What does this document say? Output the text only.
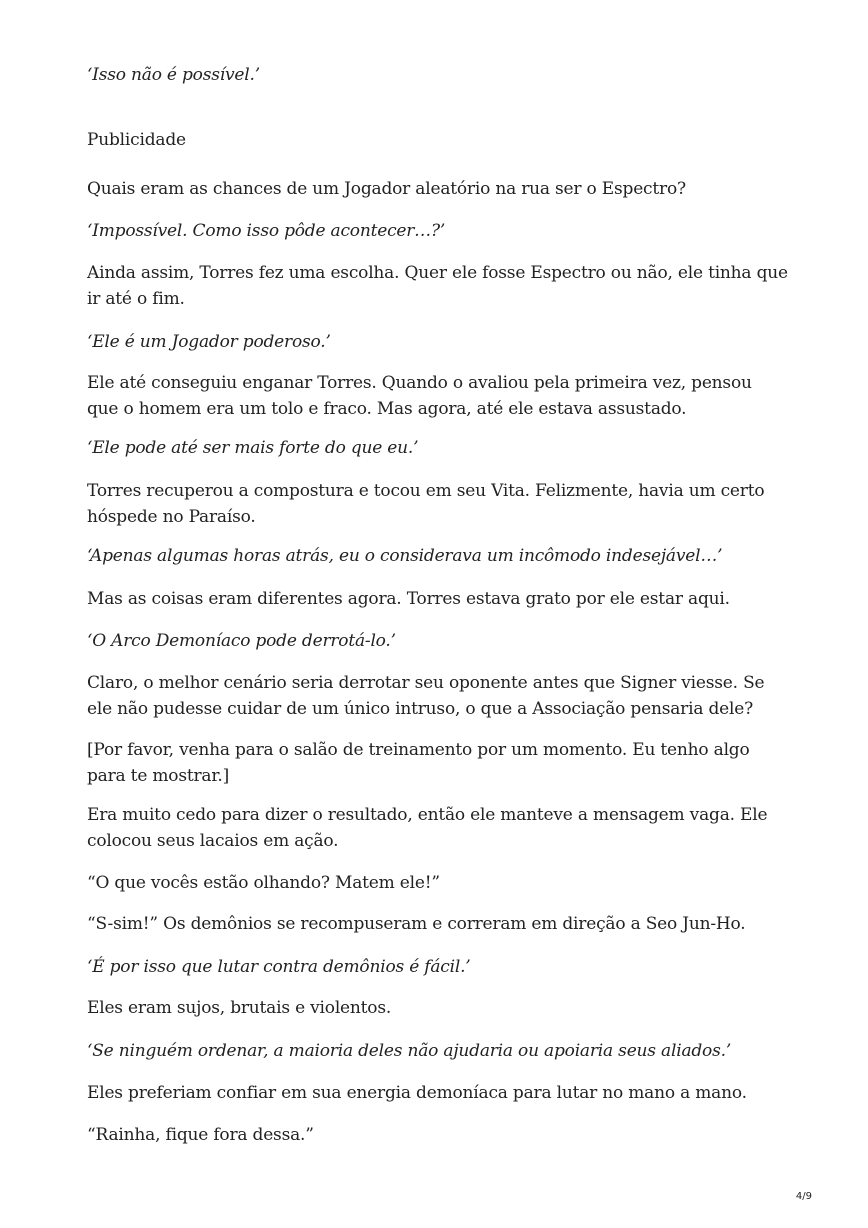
‘Isso não é possível.’

Publicidade

Quais eram as chances de um Jogador aleatório na rua ser o Espectro?

‘Impossível. Como isso pôde acontecer…?’

Ainda assim, Torres fez uma escolha. Quer ele fosse Espectro ou não, ele tinha que ir até o fim.

‘Ele é um Jogador poderoso.’

Ele até conseguiu enganar Torres. Quando o avaliou pela primeira vez, pensou que o homem era um tolo e fraco. Mas agora, até ele estava assustado.

‘Ele pode até ser mais forte do que eu.’

Torres recuperou a compostura e tocou em seu Vita. Felizmente, havia um certo hóspede no Paraíso.

‘Apenas algumas horas atrás, eu o considerava um incômodo indesejável…’

Mas as coisas eram diferentes agora. Torres estava grato por ele estar aqui.

‘O Arco Demoníaco pode derrotá-lo.’

Claro, o melhor cenário seria derrotar seu oponente antes que Signer viesse. Se ele não pudesse cuidar de um único intruso, o que a Associação pensaria dele?

[Por favor, venha para o salão de treinamento por um momento. Eu tenho algo para te mostrar.]

Era muito cedo para dizer o resultado, então ele manteve a mensagem vaga. Ele colocou seus lacaios em ação.

“O que vocês estão olhando? Matem ele!”

“S-sim!” Os demônios se recompuseram e correram em direção a Seo Jun-Ho.

‘É por isso que lutar contra demônios é fácil.’

Eles eram sujos, brutais e violentos.

‘Se ninguém ordenar, a maioria deles não ajudaria ou apoiaria seus aliados.’

Eles preferiam confiar em sua energia demoníaca para lutar no mano a mano.

“Rainha, fique fora dessa.”

4/9
